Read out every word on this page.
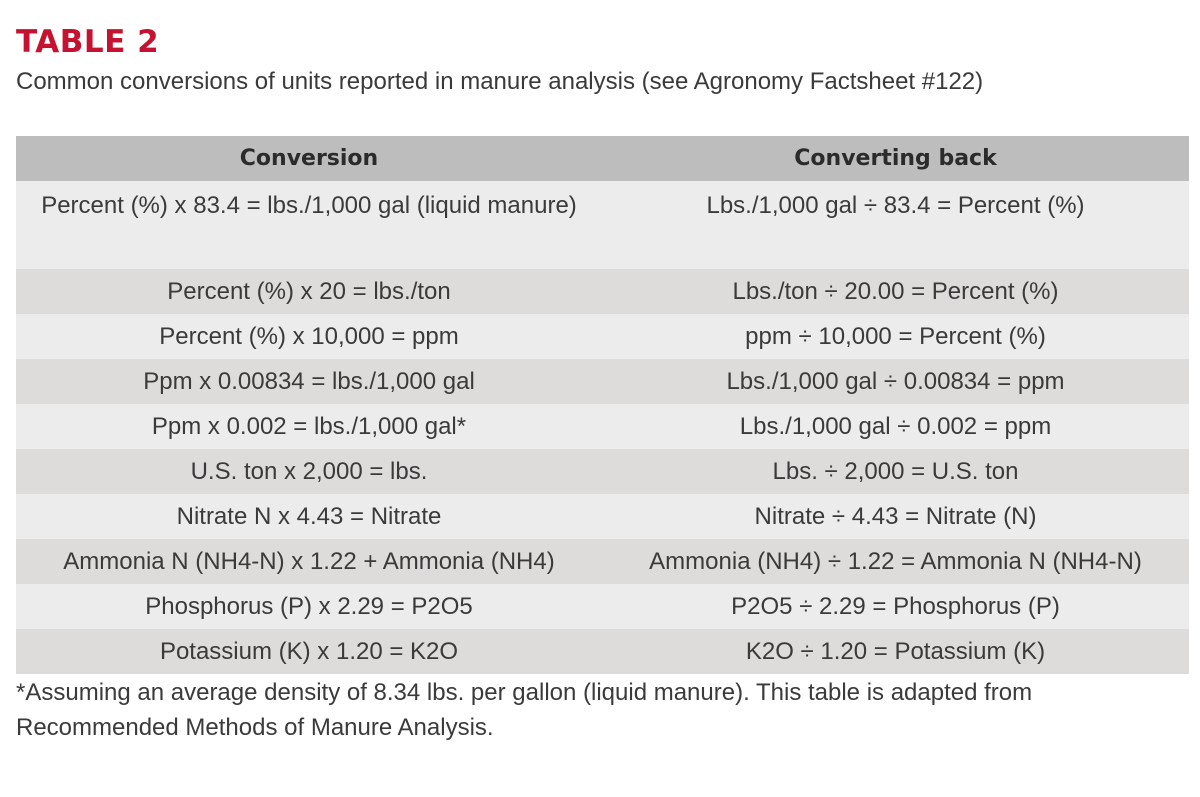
TABLE 2

Common conversions of units reported in manure analysis (see Agronomy Factsheet #122)

Conversion	Converting back

Percent (%) x 83.4 = lbs./1,000 gal (liquid manure)	Lbs./1,000 gal ÷ 83.4 = Percent (%)

Percent (%) x 20 = lbs./ton	Lbs./ton ÷ 20.00 = Percent (%)
Percent (%) x 10,000 = ppm	ppm ÷ 10,000 = Percent (%)
Ppm x 0.00834 = lbs./1,000 gal	Lbs./1,000 gal ÷ 0.00834 = ppm
Ppm x 0.002 = lbs./1,000 gal*	Lbs./1,000 gal ÷ 0.002 = ppm
U.S. ton x 2,000 = lbs.	Lbs. ÷ 2,000 = U.S. ton
Nitrate N x 4.43 = Nitrate	Nitrate ÷ 4.43 = Nitrate (N)
Ammonia N (NH4-N) x 1.22 + Ammonia (NH4)	Ammonia (NH4) ÷ 1.22 = Ammonia N (NH4-N)
Phosphorus (P) x 2.29 = P2O5	P2O5 ÷ 2.29 = Phosphorus (P)
Potassium (K) x 1.20 = K2O	K2O ÷ 1.20 = Potassium (K)

*Assuming an average density of 8.34 lbs. per gallon (liquid manure). This table is adapted from Recommended Methods of Manure Analysis.
